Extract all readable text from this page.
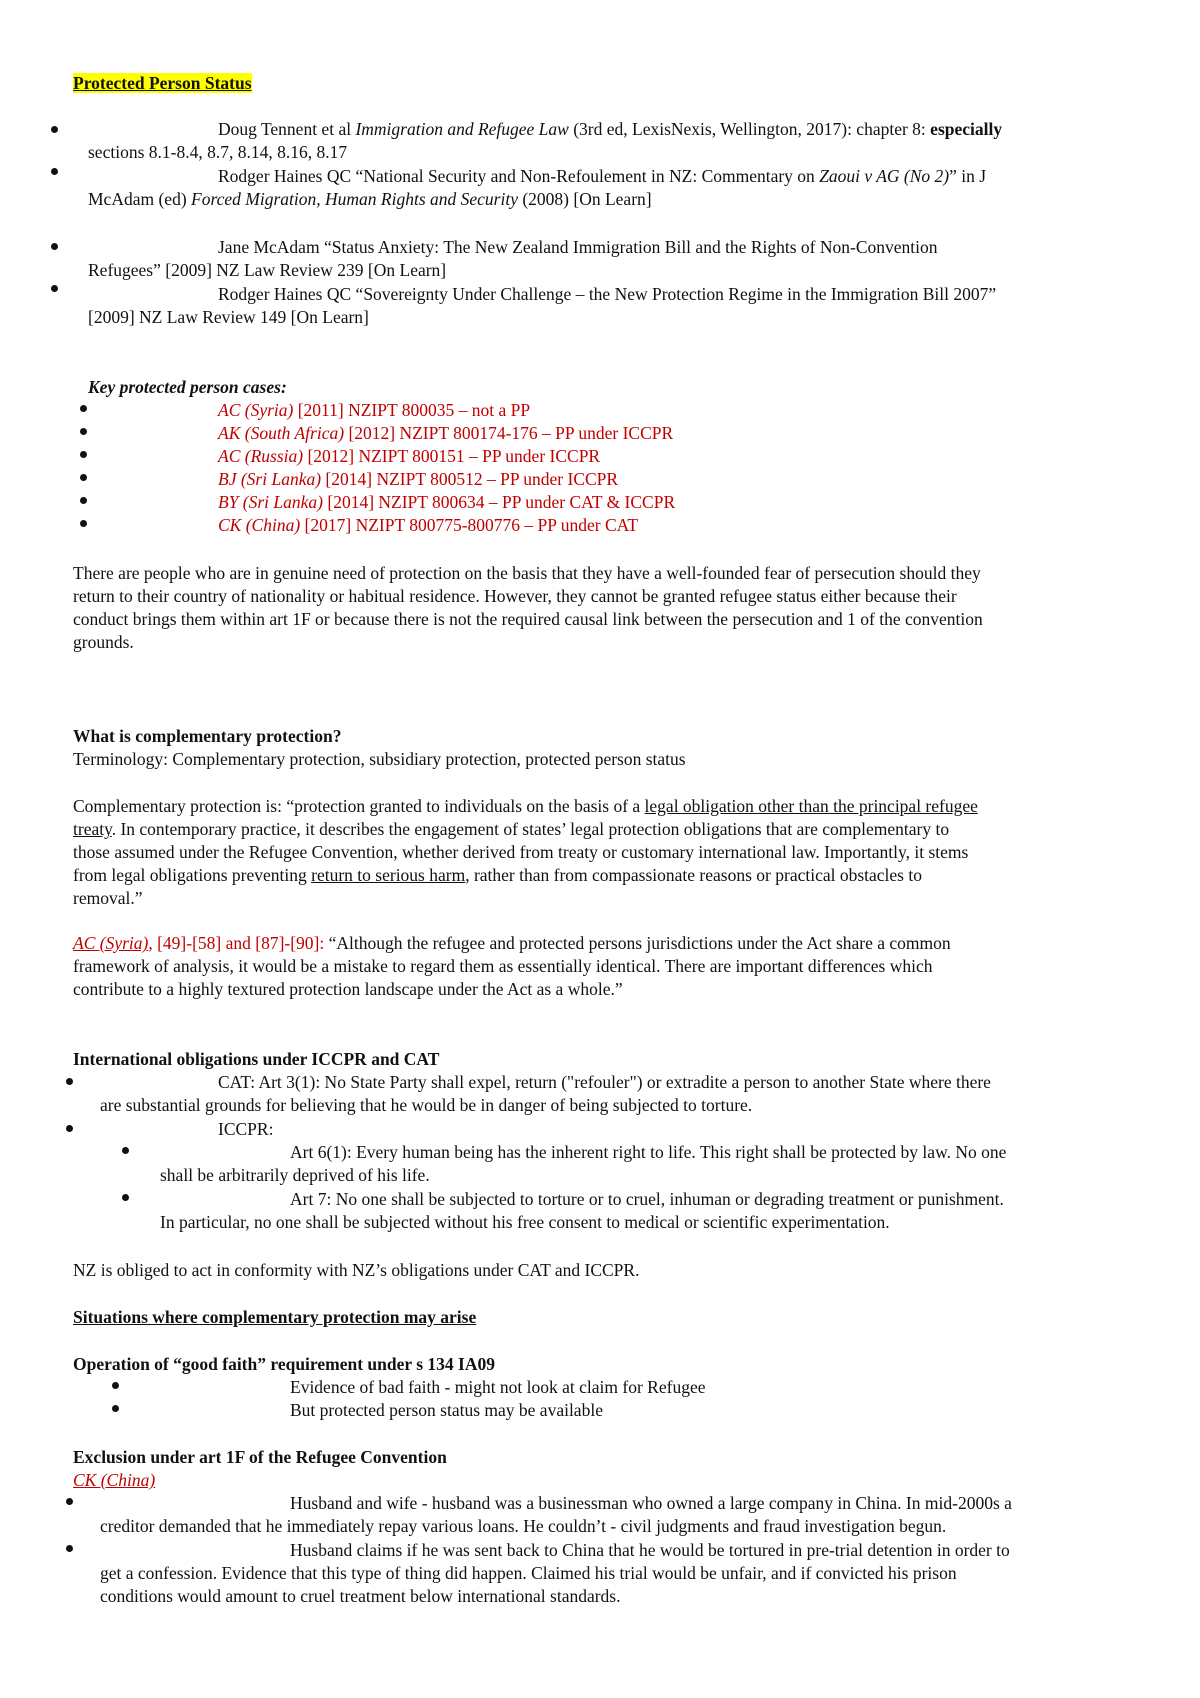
Protected Person Status
Doug Tennent et al Immigration and Refugee Law (3rd ed, LexisNexis, Wellington, 2017): chapter 8: especially
sections 8.1-8.4, 8.7, 8.14, 8.16, 8.17
Rodger Haines QC “National Security and Non-Refoulement in NZ: Commentary on Zaoui v AG (No 2)” in J
McAdam (ed) Forced Migration, Human Rights and Security (2008) [On Learn]
Jane McAdam “Status Anxiety: The New Zealand Immigration Bill and the Rights of Non-Convention
Refugees” [2009] NZ Law Review 239 [On Learn]
Rodger Haines QC “Sovereignty Under Challenge – the New Protection Regime in the Immigration Bill 2007”
[2009] NZ Law Review 149 [On Learn]
Key protected person cases:
AC (Syria) [2011] NZIPT 800035 – not a PP
AK (South Africa) [2012] NZIPT 800174-176 – PP under ICCPR
AC (Russia) [2012] NZIPT 800151 – PP under ICCPR
BJ (Sri Lanka) [2014] NZIPT 800512 – PP under ICCPR
BY (Sri Lanka) [2014] NZIPT 800634 – PP under CAT & ICCPR
CK (China) [2017] NZIPT 800775-800776 – PP under CAT
There are people who are in genuine need of protection on the basis that they have a well-founded fear of persecution should they
return to their country of nationality or habitual residence. However, they cannot be granted refugee status either because their
conduct brings them within art 1F or because there is not the required causal link between the persecution and 1 of the convention
grounds.
What is complementary protection?
Terminology: Complementary protection, subsidiary protection, protected person status
Complementary protection is: “protection granted to individuals on the basis of a legal obligation other than the principal refugee
treaty. In contemporary practice, it describes the engagement of states’ legal protection obligations that are complementary to
those assumed under the Refugee Convention, whether derived from treaty or customary international law. Importantly, it stems
from legal obligations preventing return to serious harm, rather than from compassionate reasons or practical obstacles to
removal.”
AC (Syria), [49]-[58] and [87]-[90]: “Although the refugee and protected persons jurisdictions under the Act share a common
framework of analysis, it would be a mistake to regard them as essentially identical. There are important differences which
contribute to a highly textured protection landscape under the Act as a whole.”
International obligations under ICCPR and CAT
CAT: Art 3(1): No State Party shall expel, return ("refouler") or extradite a person to another State where there
are substantial grounds for believing that he would be in danger of being subjected to torture.
ICCPR:
Art 6(1): Every human being has the inherent right to life. This right shall be protected by law. No one
shall be arbitrarily deprived of his life.
Art 7: No one shall be subjected to torture or to cruel, inhuman or degrading treatment or punishment.
In particular, no one shall be subjected without his free consent to medical or scientific experimentation.
NZ is obliged to act in conformity with NZ’s obligations under CAT and ICCPR.
Situations where complementary protection may arise
Operation of “good faith” requirement under s 134 IA09
Evidence of bad faith - might not look at claim for Refugee
But protected person status may be available
Exclusion under art 1F of the Refugee Convention
CK (China)
Husband and wife - husband was a businessman who owned a large company in China. In mid-2000s a
creditor demanded that he immediately repay various loans. He couldn’t - civil judgments and fraud investigation begun.
Husband claims if he was sent back to China that he would be tortured in pre-trial detention in order to
get a confession. Evidence that this type of thing did happen. Claimed his trial would be unfair, and if convicted his prison
conditions would amount to cruel treatment below international standards.
